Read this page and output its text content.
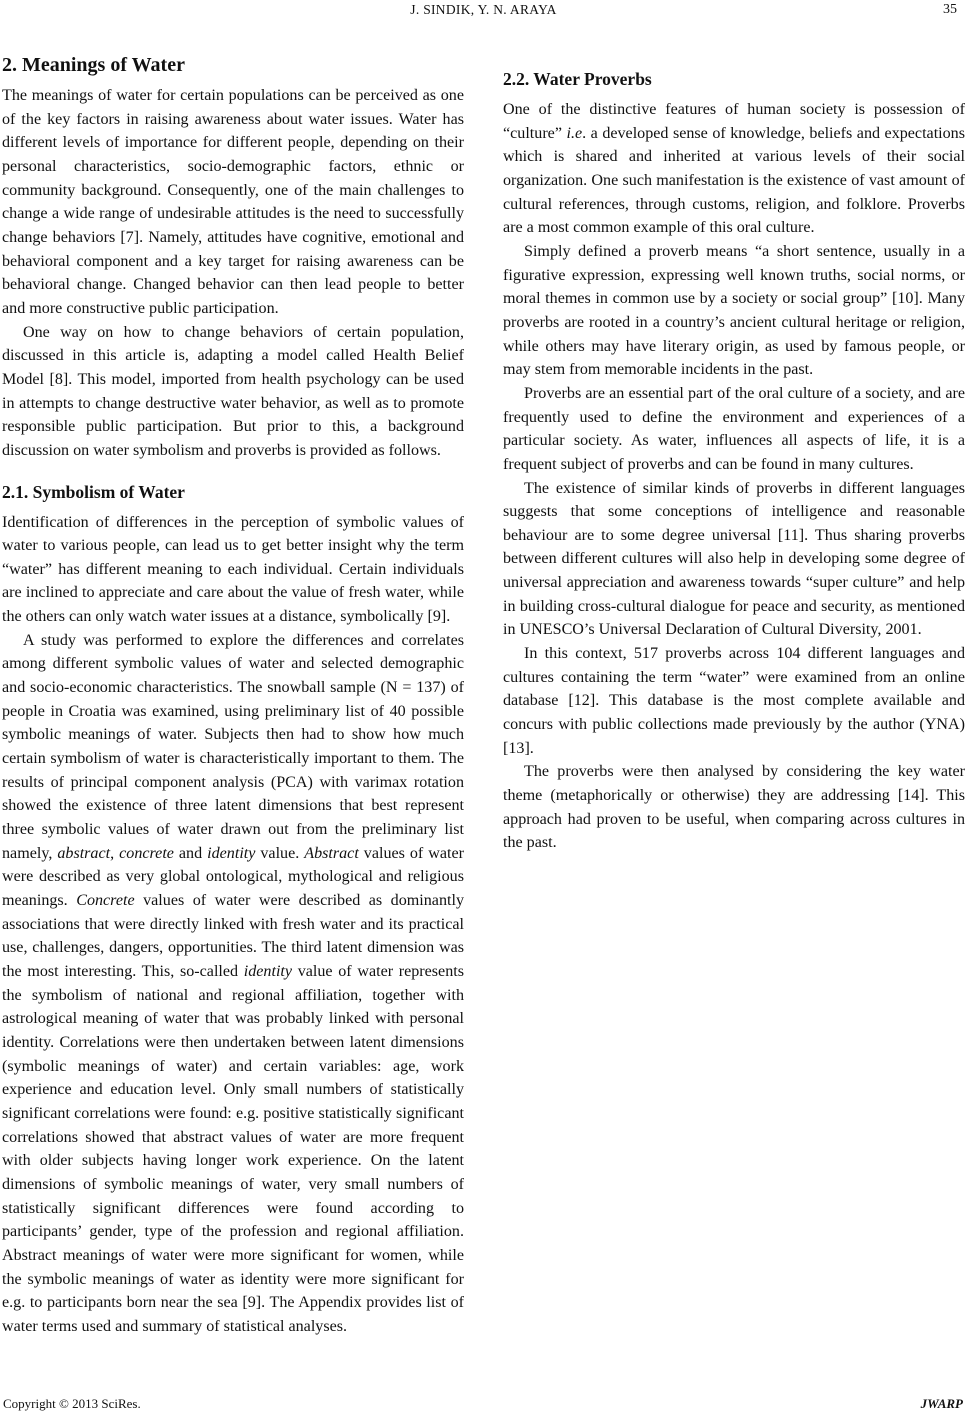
J. SINDIK, Y. N. ARAYA	35
2. Meanings of Water

The meanings of water for certain populations can be perceived as one of the key factors in raising awareness about water issues. Water has different levels of importance for different people, depending on their personal characteristics, socio-demographic factors, ethnic or community background. Consequently, one of the main challenges to change a wide range of undesirable attitudes is the need to successfully change behaviors [7]. Namely, attitudes have cognitive, emotional and behavioral component and a key target for raising awareness can be behavioral change. Changed behavior can then lead people to better and more constructive public participation.

One way on how to change behaviors of certain population, discussed in this article is, adapting a model called Health Belief Model [8]. This model, imported from health psychology can be used in attempts to change destructive water behavior, as well as to promote responsible public participation. But prior to this, a background discussion on water symbolism and proverbs is provided as follows.

2.1. Symbolism of Water

Identification of differences in the perception of symbolic values of water to various people, can lead us to get better insight why the term “water” has different meaning to each individual. Certain individuals are inclined to appreciate and care about the value of fresh water, while the others can only watch water issues at a distance, symbolically [9].

A study was performed to explore the differences and correlates among different symbolic values of water and selected demographic and socio-economic characteristics. The snowball sample (N = 137) of people in Croatia was examined, using preliminary list of 40 possible symbolic meanings of water. Subjects then had to show how much certain symbolism of water is characteristically important to them. The results of principal component analysis (PCA) with varimax rotation showed the existence of three latent dimensions that best represent three symbolic values of water drawn out from the preliminary list namely, abstract, concrete and identity value. Abstract values of water were described as very global ontological, mythological and religious meanings. Concrete values of water were described as dominantly associations that were directly linked with fresh water and its practical use, challenges, dangers, opportunities. The third latent dimension was the most interesting. This, so-called identity value of water represents the symbolism of national and regional affiliation, together with astrological meaning of water that was probably linked with personal identity. Correlations were then undertaken between latent dimensions (symbolic meanings of water) and certain variables: age, work experience and education level. Only small numbers of statistically significant correlations were found: e.g. positive statistically significant correlations showed that abstract values of water are more frequent with older subjects having longer work experience. On the latent dimensions of symbolic meanings of water, very small numbers of statistically significant differences were found according to participants’ gender, type of the profession and regional affiliation. Abstract meanings of water were more significant for women, while the symbolic meanings of water as identity were more significant for e.g. to participants born near the sea [9]. The Appendix provides list of water terms used and summary of statistical analyses.

2.2. Water Proverbs

One of the distinctive features of human society is possession of “culture” i.e. a developed sense of knowledge, beliefs and expectations which is shared and inherited at various levels of their social organization. One such manifestation is the existence of vast amount of cultural references, through customs, religion, and folklore. Proverbs are a most common example of this oral culture.

Simply defined a proverb means “a short sentence, usually in a figurative expression, expressing well known truths, social norms, or moral themes in common use by a society or social group” [10]. Many proverbs are rooted in a country’s ancient cultural heritage or religion, while others may have literary origin, as used by famous people, or may stem from memorable incidents in the past.

Proverbs are an essential part of the oral culture of a society, and are frequently used to define the environment and experiences of a particular society. As water, influences all aspects of life, it is a frequent subject of proverbs and can be found in many cultures.

The existence of similar kinds of proverbs in different languages suggests that some conceptions of intelligence and reasonable behaviour are to some degree universal [11]. Thus sharing proverbs between different cultures will also help in developing some degree of universal appreciation and awareness towards “super culture” and help in building cross-cultural dialogue for peace and security, as mentioned in UNESCO’s Universal Declaration of Cultural Diversity, 2001.

In this context, 517 proverbs across 104 different languages and cultures containing the term “water” were examined from an online database [12]. This database is the most complete available and concurs with public collections made previously by the author (YNA) [13].

The proverbs were then analysed by considering the key water theme (metaphorically or otherwise) they are addressing [14]. This approach had proven to be useful, when comparing across cultures in the past.

Copyright © 2013 SciRes.	JWARP
